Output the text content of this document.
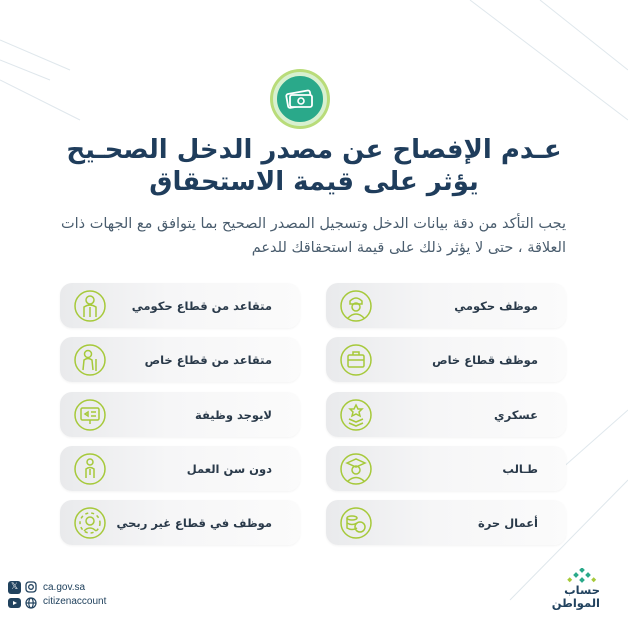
عـدم الإفصاح عن مصدر الدخل الصحـيح
يؤثر على قيمة الاستحقاق
يجب التأكد من دقة بيانات الدخل وتسجيل المصدر الصحيح بما يتوافق مع الجهات ذات العلاقة ، حتى لا يؤثر ذلك على قيمة استحقاقك للدعم
موظف حكومي
موظف قطاع خاص
عسكري
طـالب
أعمال حرة
متقاعد من قطاع حكومي
متقاعد من قطاع خاص
لايوجد وظيفة
دون سن العمل
موظف في قطاع غير ربحي
𝕏 ca.gov.sa
citizenaccount
حساب
المواطن
